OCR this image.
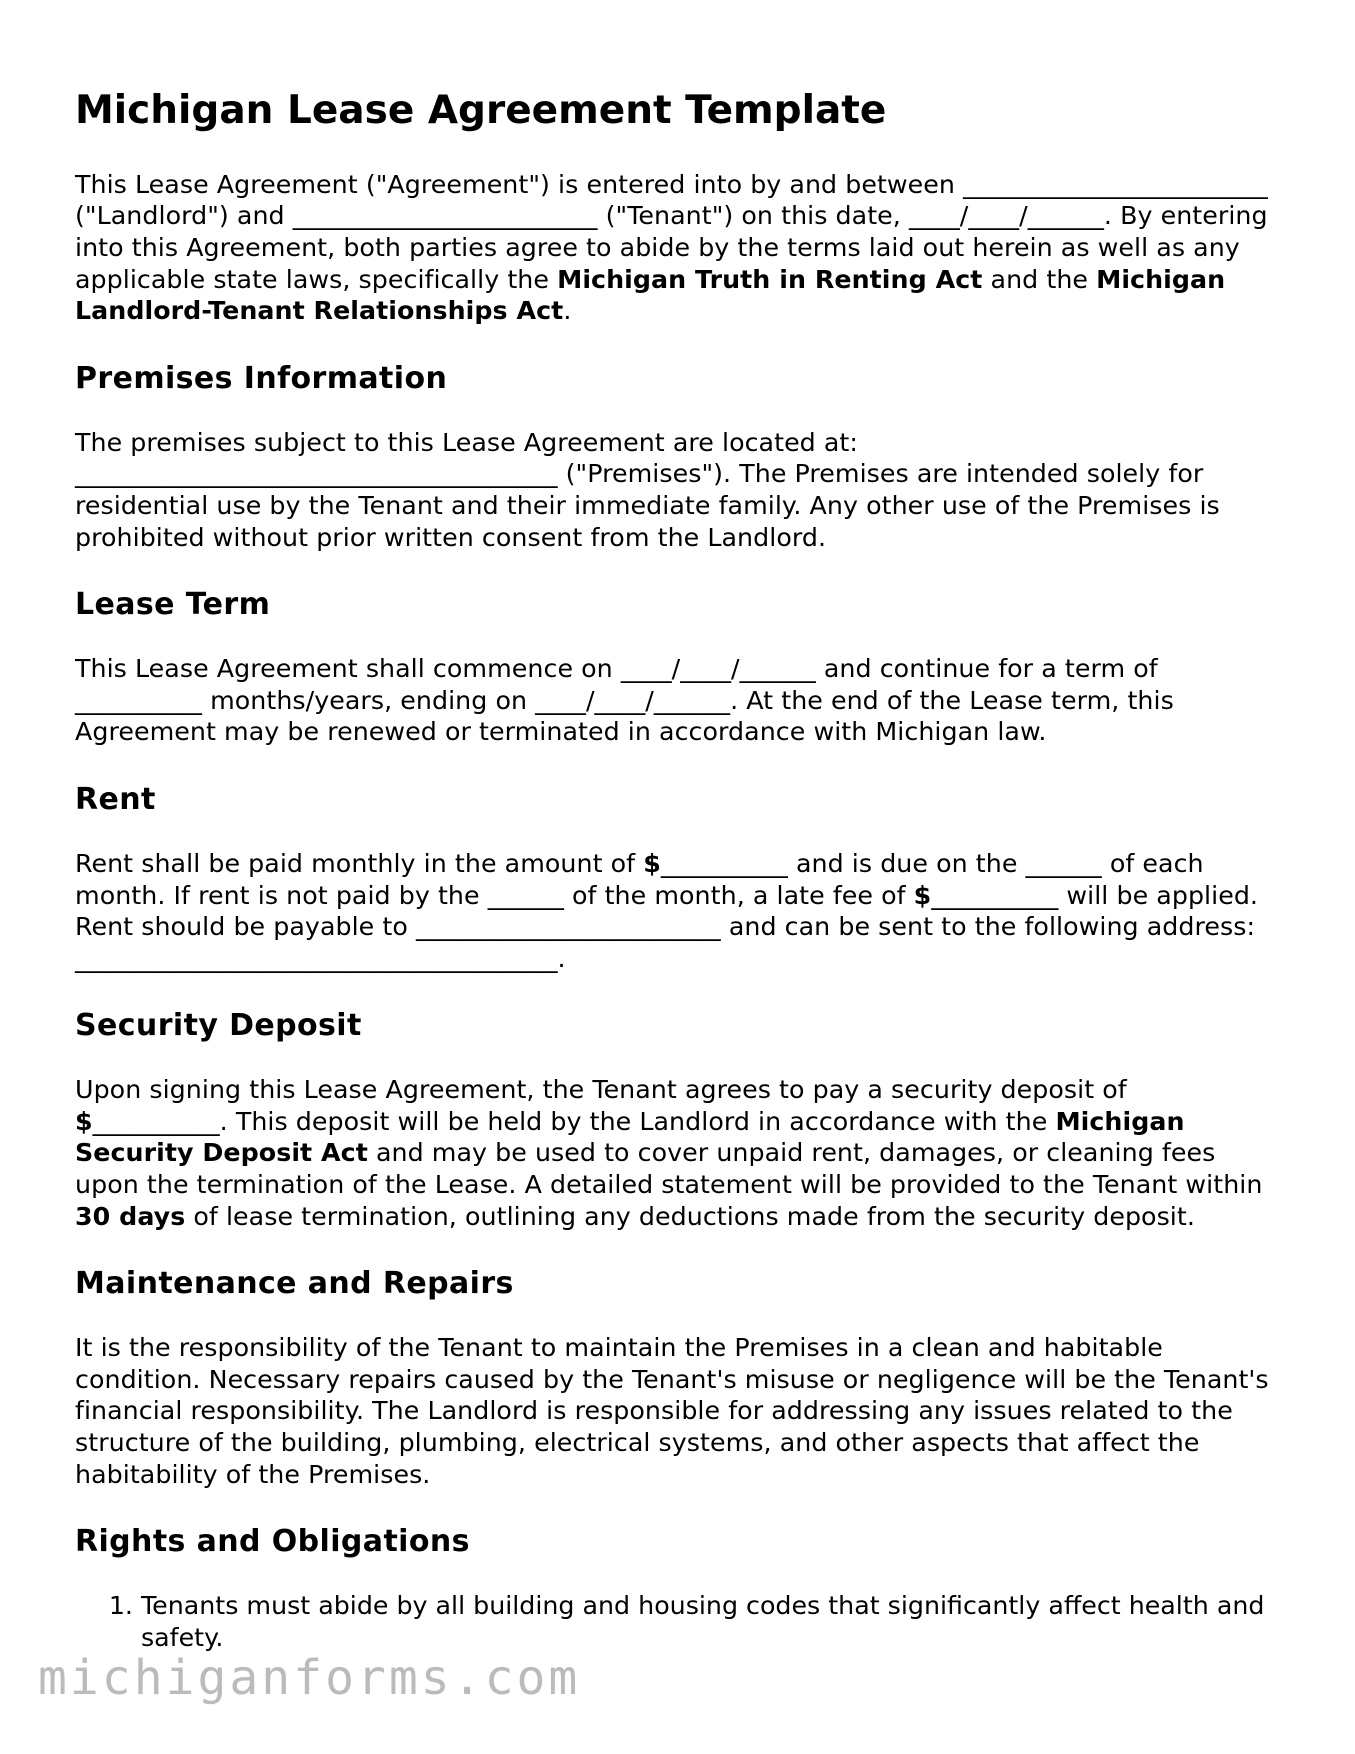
Michigan Lease Agreement Template

This Lease Agreement ("Agreement") is entered into by and between ________________________ ("Landlord") and ________________________ ("Tenant") on this date, ____/____/______. By entering into this Agreement, both parties agree to abide by the terms laid out herein as well as any applicable state laws, specifically the Michigan Truth in Renting Act and the Michigan Landlord-Tenant Relationships Act.

Premises Information

The premises subject to this Lease Agreement are located at: ______________________________________ ("Premises"). The Premises are intended solely for residential use by the Tenant and their immediate family. Any other use of the Premises is prohibited without prior written consent from the Landlord.

Lease Term

This Lease Agreement shall commence on ____/____/______ and continue for a term of __________ months/years, ending on ____/____/______. At the end of the Lease term, this Agreement may be renewed or terminated in accordance with Michigan law.

Rent

Rent shall be paid monthly in the amount of $__________ and is due on the ______ of each month. If rent is not paid by the ______ of the month, a late fee of $__________ will be applied. Rent should be payable to ________________________ and can be sent to the following address: ______________________________________.

Security Deposit

Upon signing this Lease Agreement, the Tenant agrees to pay a security deposit of $__________. This deposit will be held by the Landlord in accordance with the Michigan Security Deposit Act and may be used to cover unpaid rent, damages, or cleaning fees upon the termination of the Lease. A detailed statement will be provided to the Tenant within 30 days of lease termination, outlining any deductions made from the security deposit.

Maintenance and Repairs

It is the responsibility of the Tenant to maintain the Premises in a clean and habitable condition. Necessary repairs caused by the Tenant's misuse or negligence will be the Tenant's financial responsibility. The Landlord is responsible for addressing any issues related to the structure of the building, plumbing, electrical systems, and other aspects that affect the habitability of the Premises.

Rights and Obligations
1. Tenants must abide by all building and housing codes that significantly affect health and safety.
michiganforms.com
